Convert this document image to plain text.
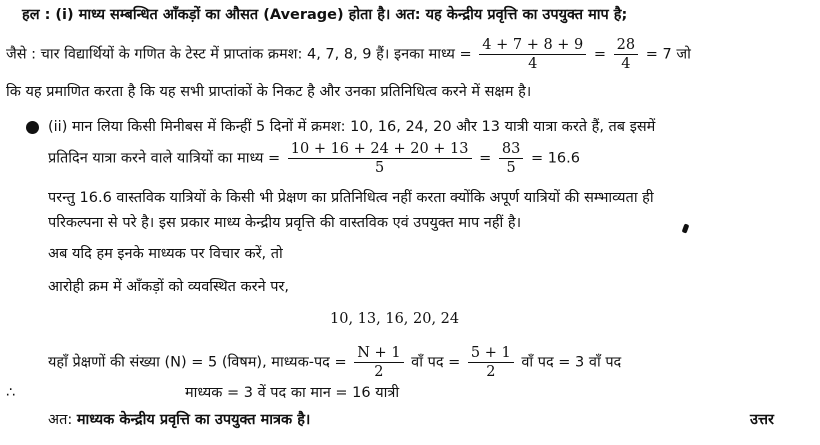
हल : (i) माध्य सम्बन्धित आँकड़ों का औसत (Average) होता है। अत: यह केन्द्रीय प्रवृत्ति का उपयुक्त माप है;
जैसे : चार विद्यार्थियों के गणित के टेस्ट में प्राप्तांक क्रमश: 4, 7, 8, 9 हैं। इनका माध्य = $\frac{4 + 7 + 8 + 9}{4} = \frac{28}{4} = 7$ जो
कि यह प्रमाणित करता है कि यह सभी प्राप्तांकों के निकट है और उनका प्रतिनिधित्व करने में सक्षम है।
(ii) मान लिया किसी मिनीबस में किन्हीं 5 दिनों में क्रमश: 10, 16, 24, 20 और 13 यात्री यात्रा करते हैं, तब इसमें
प्रतिदिन यात्रा करने वाले यात्रियों का माध्य = $\frac{10 + 16 + 24 + 20 + 13}{5} = \frac{83}{5} = 16.6$
परन्तु 16.6 वास्तविक यात्रियों के किसी भी प्रेक्षण का प्रतिनिधित्व नहीं करता क्योंकि अपूर्ण यात्रियों की सम्भाव्यता ही
परिकल्पना से परे है। इस प्रकार माध्य केन्द्रीय प्रवृत्ति की वास्तविक एवं उपयुक्त माप नहीं है।
अब यदि हम इनके माध्यक पर विचार करें, तो
आरोही क्रम में आँकड़ों को व्यवस्थित करने पर,
10, 13, 16, 20, 24
यहाँ प्रेक्षणों की संख्या (N) = 5 (विषम), माध्यक-पद = $\frac{N + 1}{2}$ वाँ पद = $\frac{5 + 1}{2}$ वाँ पद = 3 वाँ पद
∴	माध्यक = 3 वें पद का मान = 16 यात्री
अत: माध्यक केन्द्रीय प्रवृत्ति का उपयुक्त मात्रक है।	उत्तर
